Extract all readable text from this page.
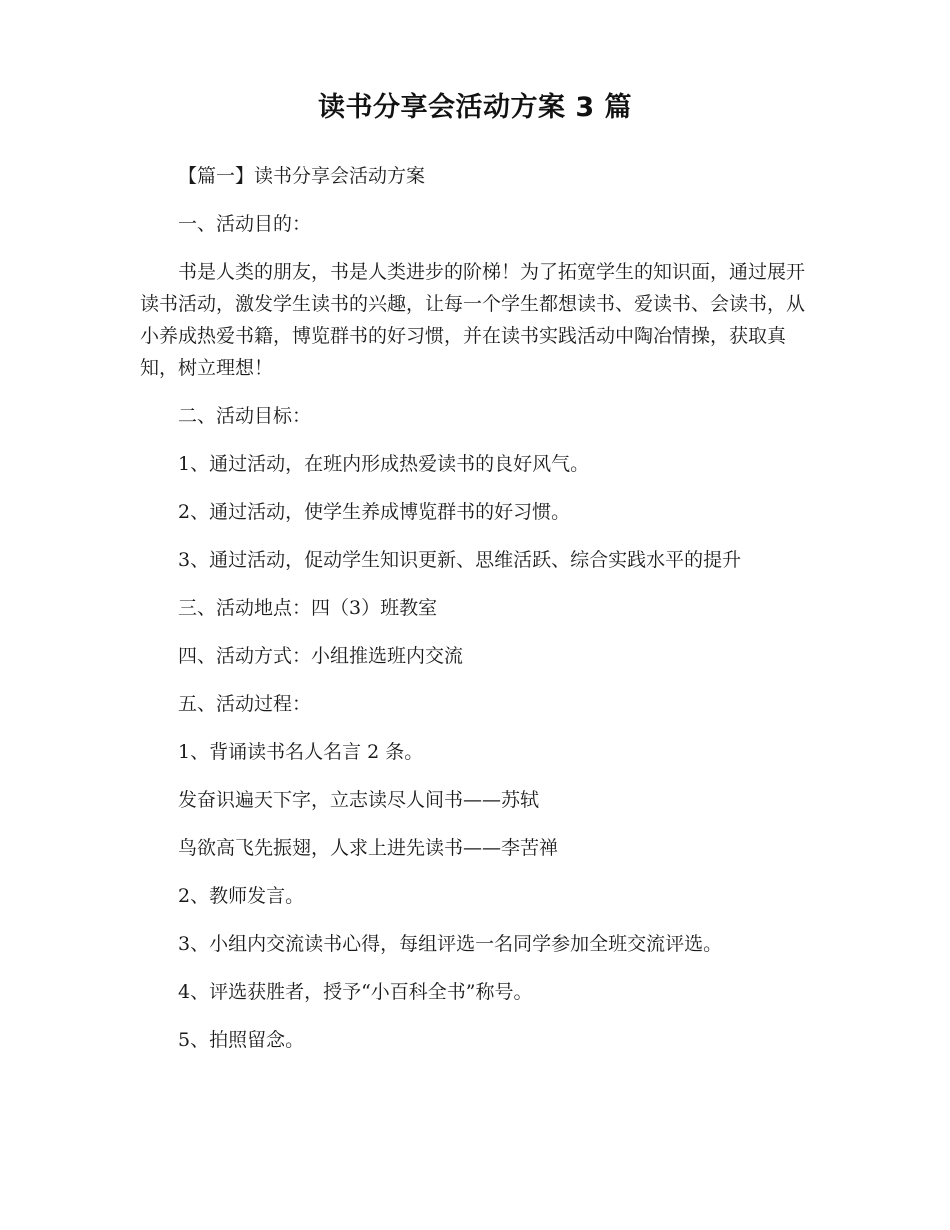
读书分享会活动方案 3 篇

【篇一】读书分享会活动方案

一、活动目的：

书是人类的朋友，书是人类进步的阶梯！为了拓宽学生的知识面，通过展开读书活动，激发学生读书的兴趣，让每一个学生都想读书、爱读书、会读书，从小养成热爱书籍，博览群书的好习惯，并在读书实践活动中陶冶情操，获取真知，树立理想！

二、活动目标：

1、通过活动，在班内形成热爱读书的良好风气。

2、通过活动，使学生养成博览群书的好习惯。

3、通过活动，促动学生知识更新、思维活跃、综合实践水平的提升

三、活动地点：四（3）班教室

四、活动方式：小组推选班内交流

五、活动过程：

1、背诵读书名人名言 2 条。

发奋识遍天下字，立志读尽人间书——苏轼

鸟欲高飞先振翅，人求上进先读书——李苦禅

2、教师发言。

3、小组内交流读书心得，每组评选一名同学参加全班交流评选。

4、评选获胜者，授予“小百科全书”称号。

5、拍照留念。
